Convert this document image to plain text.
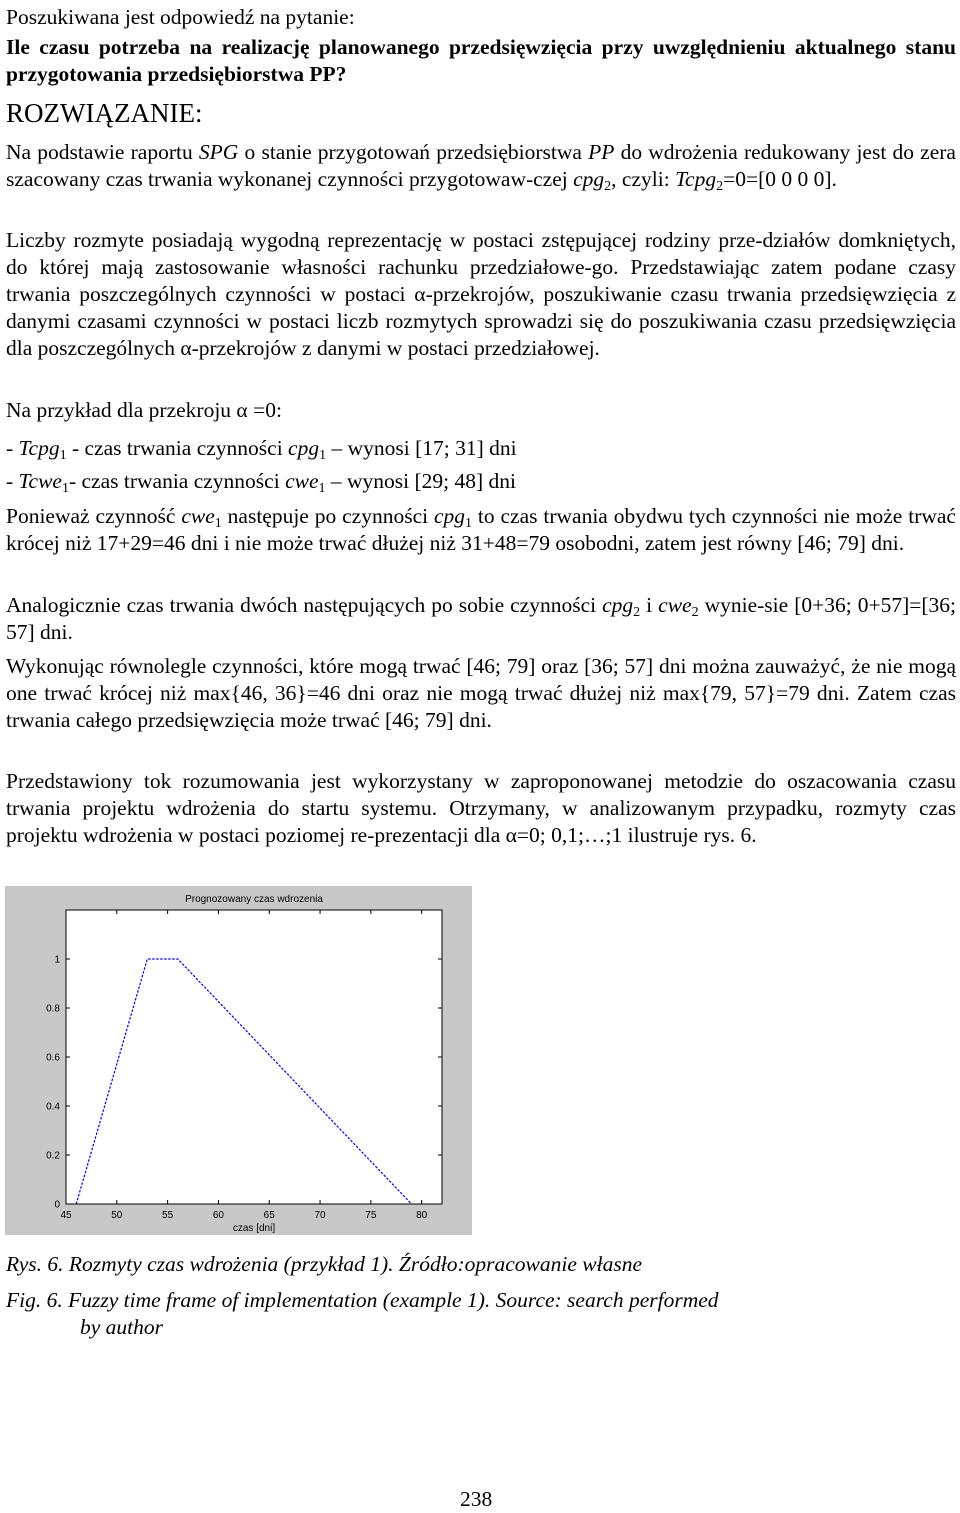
Poszukiwana jest odpowiedź na pytanie:

Ile czasu potrzeba na realizację planowanego przedsięwzięcia przy uwzględnieniu aktualnego stanu przygotowania przedsiębiorstwa PP?

ROZWIĄZANIE:

Na podstawie raportu SPG o stanie przygotowań przedsiębiorstwa PP do wdrożenia redukowany jest do zera szacowany czas trwania wykonanej czynności przygotowaw-czej cpg$_2$, czyli: Tcpg$_2$=0=[0 0 0 0].

Liczby rozmyte posiadają wygodną reprezentację w postaci zstępującej rodziny prze-działów domkniętych, do której mają zastosowanie własności rachunku przedziałowe-go. Przedstawiając zatem podane czasy trwania poszczególnych czynności w postaci α-przekrojów, poszukiwanie czasu trwania przedsięwzięcia z danymi czasami czynności w postaci liczb rozmytych sprowadzi się do poszukiwania czasu przedsięwzięcia dla poszczególnych α-przekrojów z danymi w postaci przedziałowej.

Na przykład dla przekroju α =0:

- Tcpg$_1$ - czas trwania czynności cpg$_1$ – wynosi [17; 31] dni
- Tcwe$_1$- czas trwania czynności cwe$_1$ – wynosi [29; 48] dni

Ponieważ czynność cwe$_1$ następuje po czynności cpg$_1$ to czas trwania obydwu tych czynności nie może trwać krócej niż 17+29=46 dni i nie może trwać dłużej niż 31+48=79 osobodni, zatem jest równy [46; 79] dni.

Analogicznie czas trwania dwóch następujących po sobie czynności cpg$_2$ i cwe$_2$ wynie-sie [0+36; 0+57]=[36; 57] dni.

Wykonując równolegle czynności, które mogą trwać [46; 79] oraz [36; 57] dni można zauważyć, że nie mogą one trwać krócej niż max{46, 36}=46 dni oraz nie mogą trwać dłużej niż max{79, 57}=79 dni. Zatem czas trwania całego przedsięwzięcia może trwać [46; 79] dni.

Przedstawiony tok rozumowania jest wykorzystany w zaproponowanej metodzie do oszacowania czasu trwania projektu wdrożenia do startu systemu. Otrzymany, w analizowanym przypadku, rozmyty czas projektu wdrożenia w postaci poziomej re-prezentacji dla α=0; 0,1;…;1 ilustruje rys. 6.

Prognozowany czas wdrozenia
45	50	55	60	65	70	75	80
0
0.2
0.4
0.6
0.8
1
czas [dni]
Rys. 6. Rozmyty czas wdrożenia (przykład 1). Źródło:opracowanie własne
Fig. 6. Fuzzy time frame of implementation (example 1). Source: search performed
by author
238
